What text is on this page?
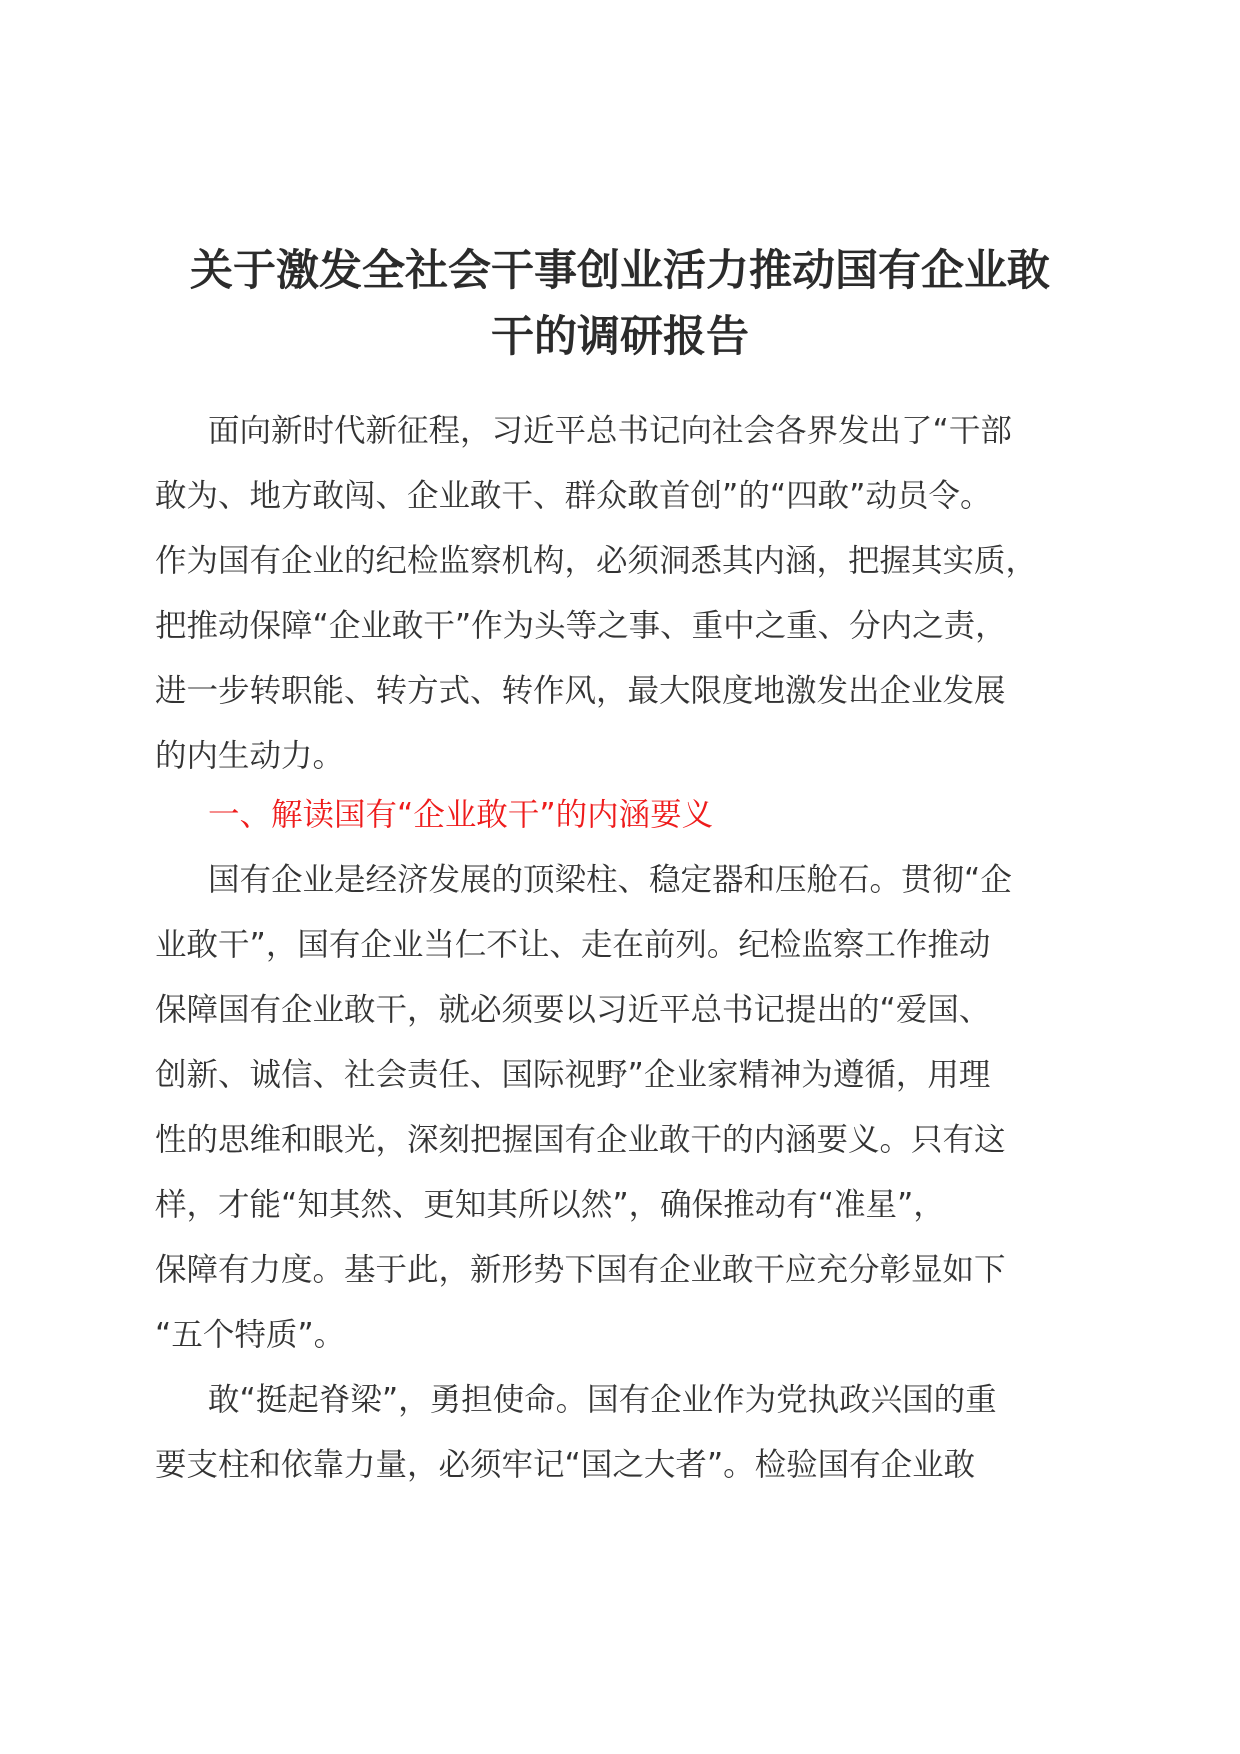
关于激发全社会干事创业活力推动国有企业敢
干的调研报告
面向新时代新征程，习近平总书记向社会各界发出了“干部
敢为、地方敢闯、企业敢干、群众敢首创”的“四敢”动员令。
作为国有企业的纪检监察机构，必须洞悉其内涵，把握其实质，
把推动保障“企业敢干”作为头等之事、重中之重、分内之责，
进一步转职能、转方式、转作风，最大限度地激发出企业发展
的内生动力。
一、解读国有“企业敢干”的内涵要义
国有企业是经济发展的顶梁柱、稳定器和压舱石。贯彻“企
业敢干”，国有企业当仁不让、走在前列。纪检监察工作推动
保障国有企业敢干，就必须要以习近平总书记提出的“爱国、
创新、诚信、社会责任、国际视野”企业家精神为遵循，用理
性的思维和眼光，深刻把握国有企业敢干的内涵要义。只有这
样，才能“知其然、更知其所以然”，确保推动有“准星”，
保障有力度。基于此，新形势下国有企业敢干应充分彰显如下
“五个特质”。
敢“挺起脊梁”，勇担使命。国有企业作为党执政兴国的重
要支柱和依靠力量，必须牢记“国之大者”。检验国有企业敢
